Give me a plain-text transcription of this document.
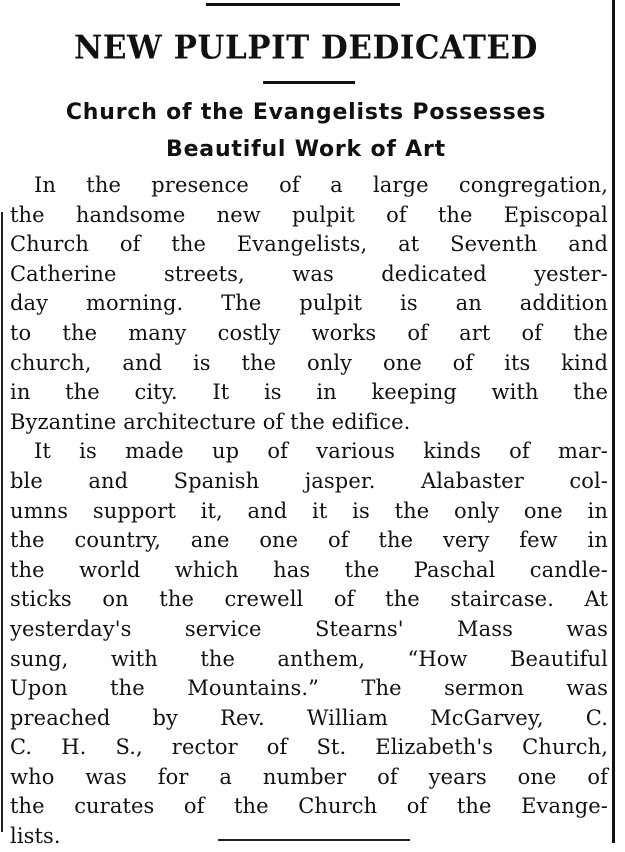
NEW PULPIT DEDICATED
Church of the Evangelists Possesses
Beautiful Work of Art
In the presence of a large congregation,
the handsome new pulpit of the Episcopal
Church of the Evangelists, at Seventh and
Catherine streets, was dedicated yester-
day morning. The pulpit is an addition
to the many costly works of art of the
church, and is the only one of its kind
in the city. It is in keeping with the
Byzantine architecture of the edifice.
It is made up of various kinds of mar-
ble and Spanish jasper. Alabaster col-
umns support it, and it is the only one in
the country, ane one of the very few in
the world which has the Paschal candle-
sticks on the crewell of the staircase. At
yesterday's service Stearns' Mass was
sung, with the anthem, “How Beautiful
Upon the Mountains.” The sermon was
preached by Rev. William McGarvey, C.
C. H. S., rector of St. Elizabeth's Church,
who was for a number of years one of
the curates of the Church of the Evange-
lists.
